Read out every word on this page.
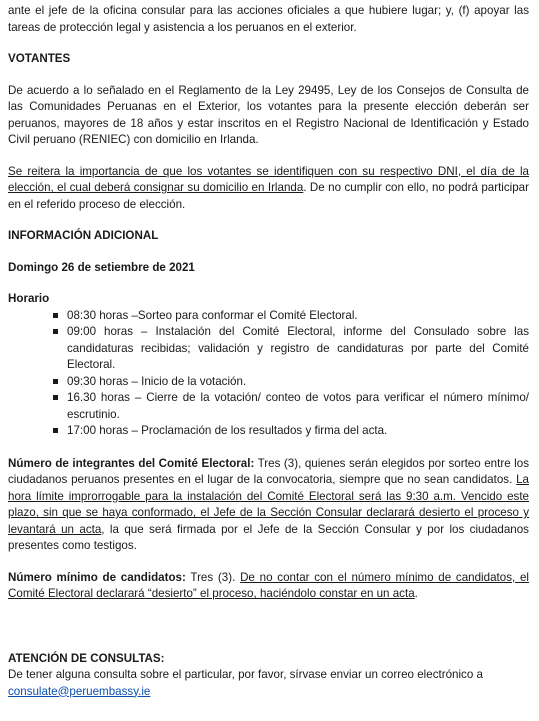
ante el jefe de la oficina consular para las acciones oficiales a que hubiere lugar; y, (f) apoyar las tareas de protección legal y asistencia a los peruanos en el exterior.

VOTANTES

De acuerdo a lo señalado en el Reglamento de la Ley 29495, Ley de los Consejos de Consulta de las Comunidades Peruanas en el Exterior, los votantes para la presente elección deberán ser peruanos, mayores de 18 años y estar inscritos en el Registro Nacional de Identificación y Estado Civil peruano (RENIEC) con domicilio en Irlanda.

Se reitera la importancia de que los votantes se identifiquen con su respectivo DNI, el día de la elección, el cual deberá consignar su domicilio en Irlanda. De no cumplir con ello, no podrá participar en el referido proceso de elección.

INFORMACIÓN ADICIONAL

Domingo 26 de setiembre de 2021

Horario

08:30 horas –Sorteo para conformar el Comité Electoral.
09:00 horas – Instalación del Comité Electoral, informe del Consulado sobre las candidaturas recibidas; validación y registro de candidaturas por parte del Comité Electoral.
09:30 horas – Inicio de la votación.
16.30 horas – Cierre de la votación/ conteo de votos para verificar el número mínimo/ escrutinio.
17:00 horas – Proclamación de los resultados y firma del acta.

Número de integrantes del Comité Electoral: Tres (3), quienes serán elegidos por sorteo entre los ciudadanos peruanos presentes en el lugar de la convocatoria, siempre que no sean candidatos. La hora límite improrrogable para la instalación del Comité Electoral será las 9:30 a.m. Vencido este plazo, sin que se haya conformado, el Jefe de la Sección Consular declarará desierto el proceso y levantará un acta, la que será firmada por el Jefe de la Sección Consular y por los ciudadanos presentes como testigos.

Número mínimo de candidatos: Tres (3). De no contar con el número mínimo de candidatos, el Comité Electoral declarará “desierto” el proceso, haciéndolo constar en un acta.

ATENCIÓN DE CONSULTAS:

De tener alguna consulta sobre el particular, por favor, sírvase enviar un correo electrónico a

consulate@peruembassy.ie
